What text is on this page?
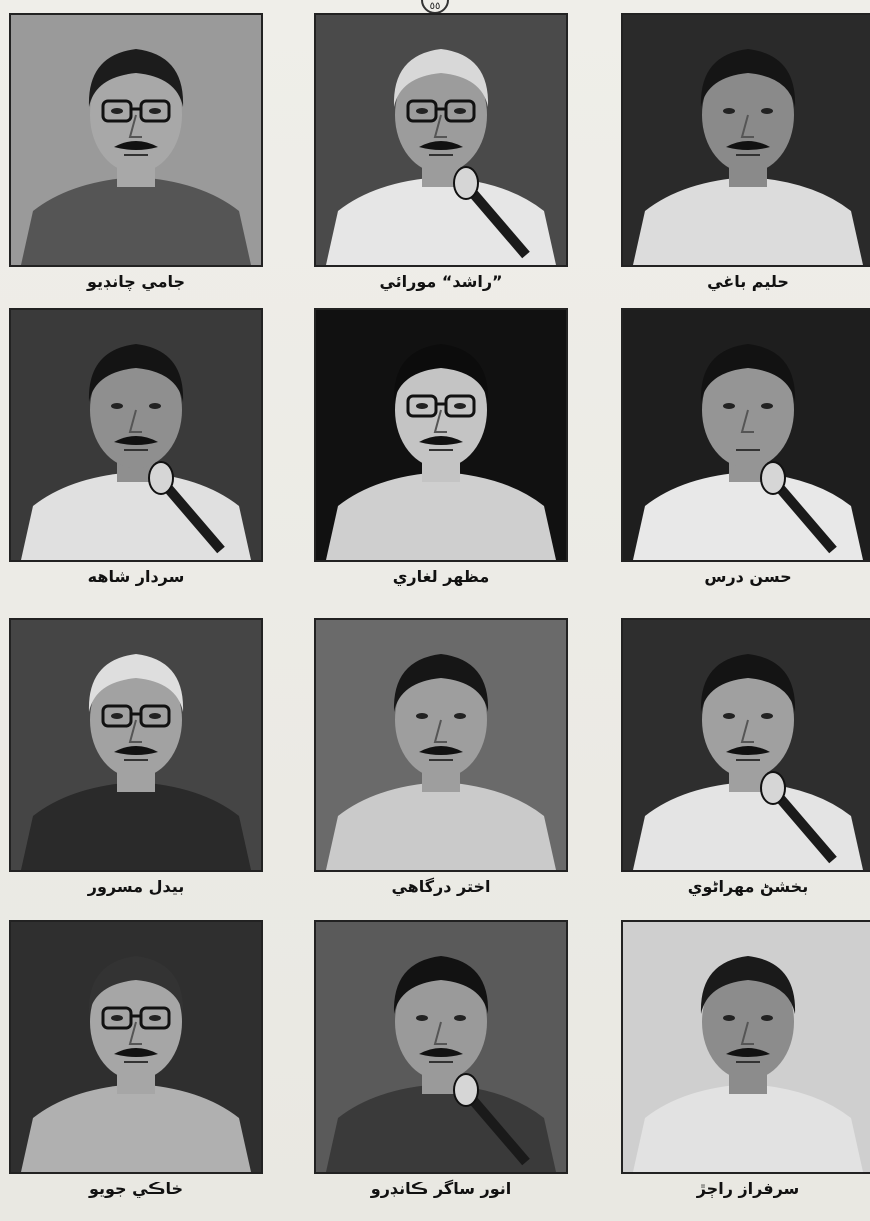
٥٥
جامي چانڊيو	”راشد“ مورائي	حليم باغي
سردار شاهه	مظهر لغاري	حسن درس
بيدل مسرور	اختر درگاهي	بخشڻ مهراڻوي
خاڪي جويو	انور ساگر ڪانڊرو	سرفراز راڄڙ
